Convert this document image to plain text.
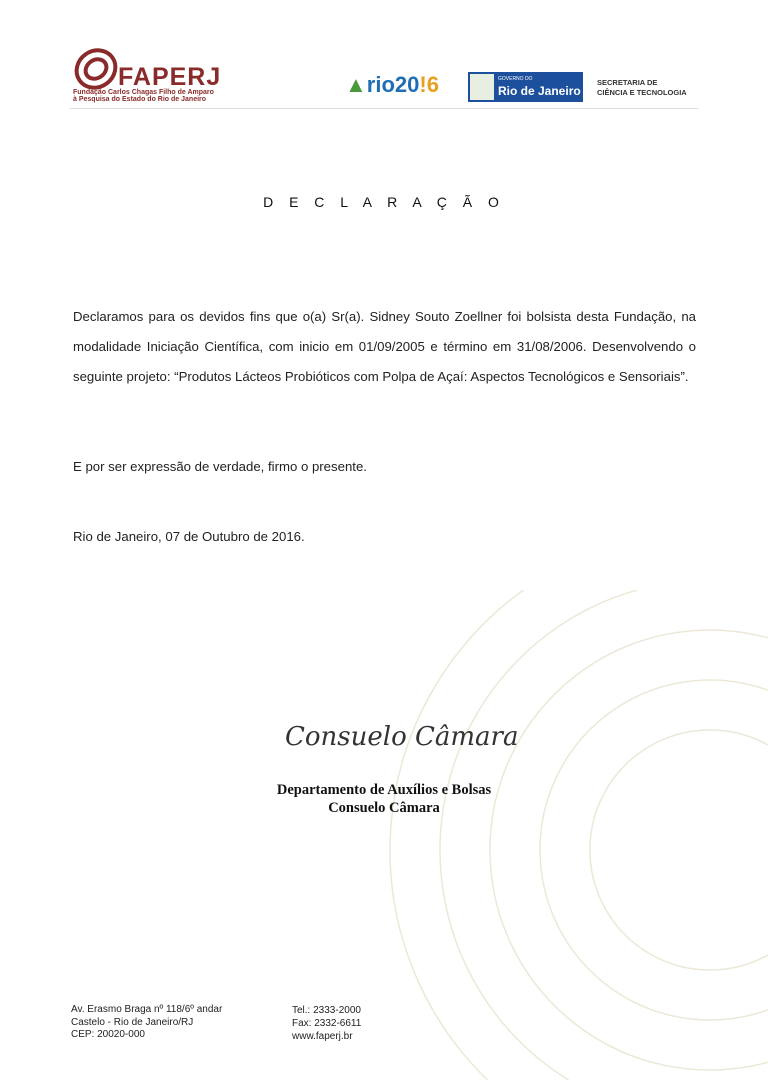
FAPERJ
Fundação Carlos Chagas Filho de Amparo
à Pesquisa do Estado do Rio de Janeiro
▲rio20!6	GOVERNO DO
Rio de Janeiro
SECRETARIA DE
CIÊNCIA E TECNOLOGIA
D E C L A R A Ç Ã O
Declaramos para os devidos fins que o(a) Sr(a). Sidney Souto Zoellner foi bolsista desta Fundação, na modalidade Iniciação Científica, com inicio em 01/09/2005 e término em 31/08/2006. Desenvolvendo o seguinte projeto: “Produtos Lácteos Probióticos com Polpa de Açaí: Aspectos Tecnológicos e Sensoriais”.
E por ser expressão de verdade, firmo o presente.
Rio de Janeiro, 07 de Outubro de 2016.
Consuelo Câmara
Departamento de Auxílios e Bolsas
Consuelo Câmara
Av. Erasmo Braga nº 118/6º andar
Castelo - Rio de Janeiro/RJ
CEP: 20020-000
Tel.: 2333-2000
Fax: 2332-6611
www.faperj.br
